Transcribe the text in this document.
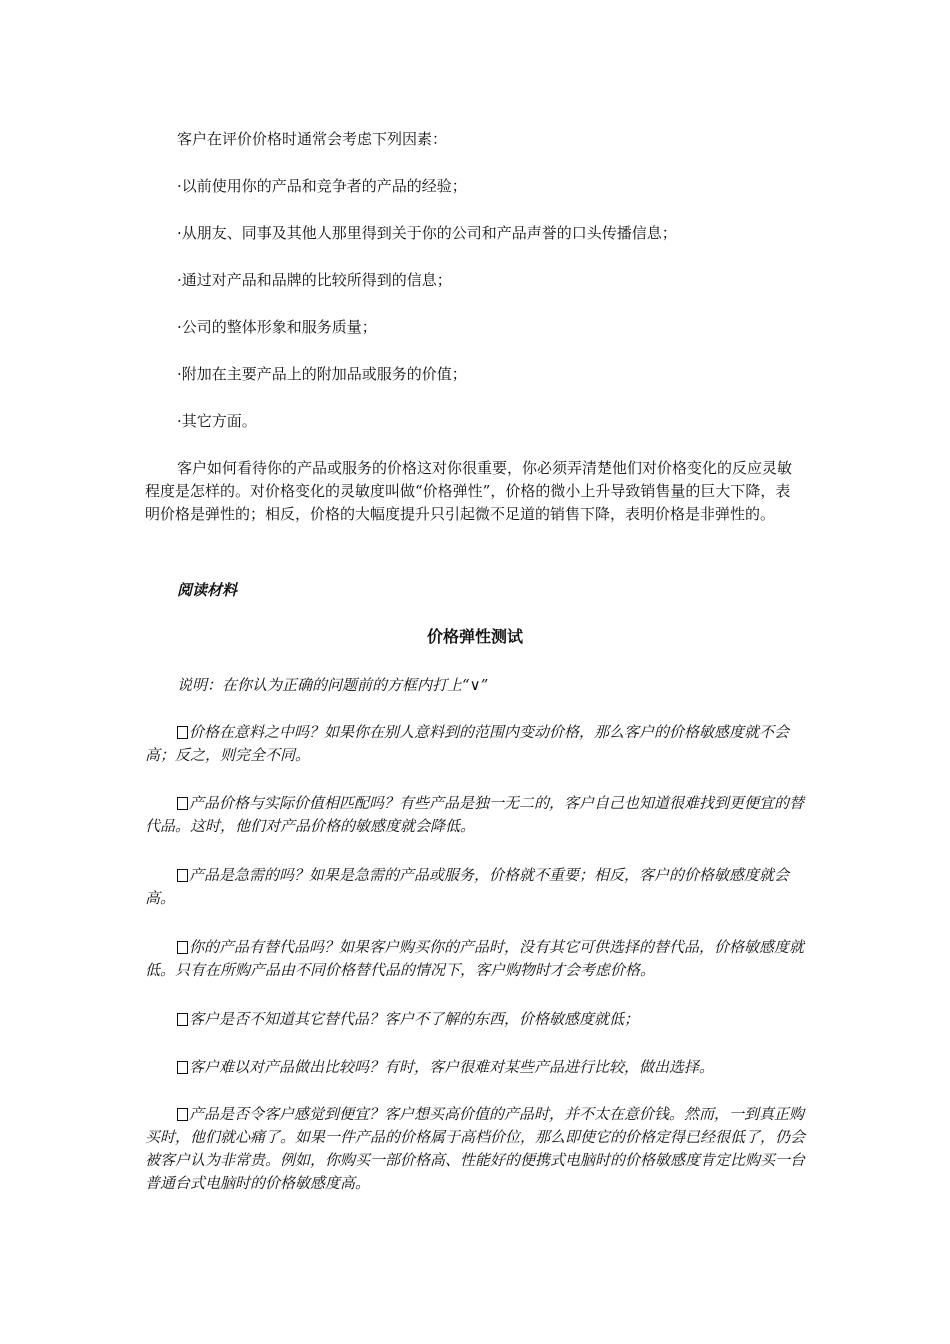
客户在评价价格时通常会考虑下列因素：

·以前使用你的产品和竞争者的产品的经验；

·从朋友、同事及其他人那里得到关于你的公司和产品声誉的口头传播信息；

·通过对产品和品牌的比较所得到的信息；

·公司的整体形象和服务质量；

·附加在主要产品上的附加品或服务的价值；

·其它方面。

客户如何看待你的产品或服务的价格这对你很重要，你必须弄清楚他们对价格变化的反应灵敏程度是怎样的。对价格变化的灵敏度叫做“价格弹性”，价格的微小上升导致销售量的巨大下降，表明价格是弹性的；相反，价格的大幅度提升只引起微不足道的销售下降，表明价格是非弹性的。

阅读材料

价格弹性测试

说明：在你认为正确的问题前的方框内打上“∨”

价格在意料之中吗？如果你在别人意料到的范围内变动价格，那么客户的价格敏感度就不会高；反之，则完全不同。
产品价格与实际价值相匹配吗？有些产品是独一无二的，客户自己也知道很难找到更便宜的替代品。这时，他们对产品价格的敏感度就会降低。
产品是急需的吗？如果是急需的产品或服务，价格就不重要；相反，客户的价格敏感度就会高。
你的产品有替代品吗？如果客户购买你的产品时，没有其它可供选择的替代品，价格敏感度就低。只有在所购产品由不同价格替代品的情况下，客户购物时才会考虑价格。
客户是否不知道其它替代品？客户不了解的东西，价格敏感度就低；
客户难以对产品做出比较吗？有时，客户很难对某些产品进行比较，做出选择。
产品是否令客户感觉到便宜？客户想买高价值的产品时，并不太在意价钱。然而，一到真正购买时，他们就心痛了。如果一件产品的价格属于高档价位，那么即使它的价格定得已经很低了，仍会被客户认为非常贵。例如，你购买一部价格高、性能好的便携式电脑时的价格敏感度肯定比购买一台普通台式电脑时的价格敏感度高。
